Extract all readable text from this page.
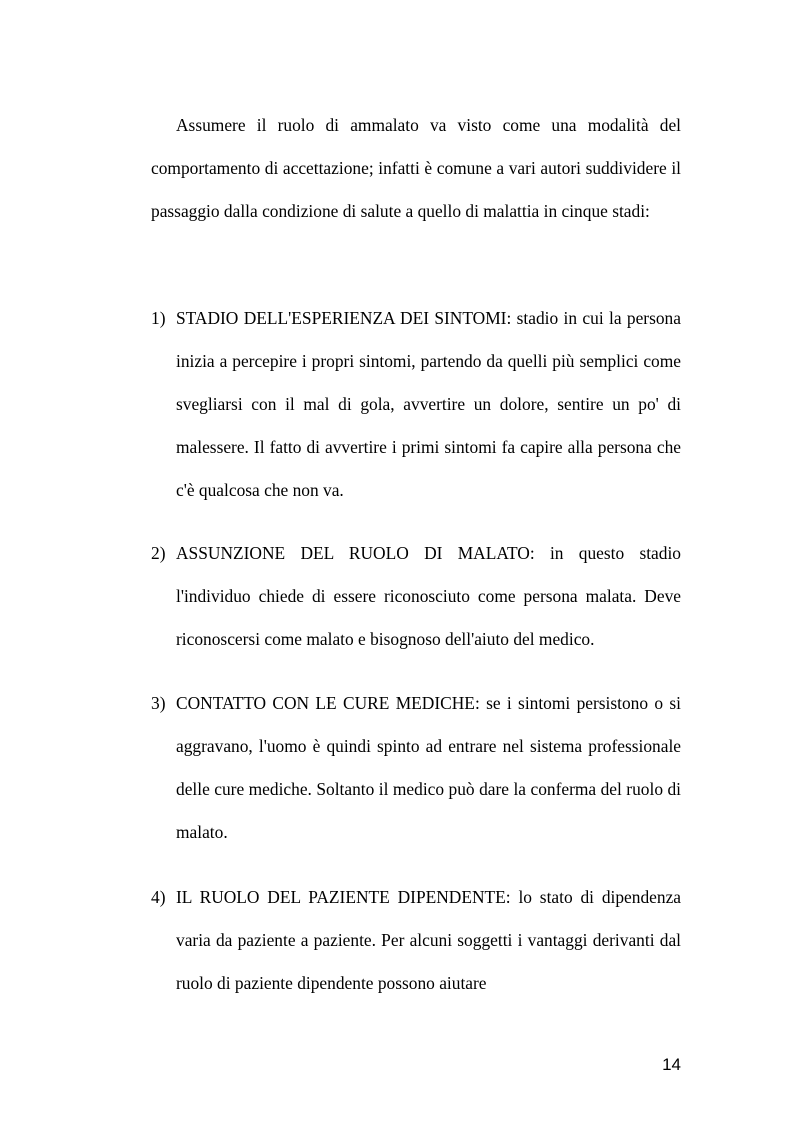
Assumere il ruolo di ammalato va visto come una modalità del comportamento di accettazione; infatti è comune a vari autori suddividere il passaggio dalla condizione di salute a quello di malattia in cinque stadi:

1) STADIO DELL'ESPERIENZA DEI SINTOMI: stadio in cui la persona inizia a percepire i propri sintomi, partendo da quelli più semplici come svegliarsi con il mal di gola, avvertire un dolore, sentire un po' di malessere. Il fatto di avvertire i primi sintomi fa capire alla persona che c'è qualcosa che non va.

2) ASSUNZIONE DEL RUOLO DI MALATO: in questo stadio l'individuo chiede di essere riconosciuto come persona malata. Deve riconoscersi come malato e bisognoso dell'aiuto del medico.

3) CONTATTO CON LE CURE MEDICHE: se i sintomi persistono o si aggravano, l'uomo è quindi spinto ad entrare nel sistema professionale delle cure mediche. Soltanto il medico può dare la conferma del ruolo di malato.

4) IL RUOLO DEL PAZIENTE DIPENDENTE: lo stato di dipendenza varia da paziente a paziente. Per alcuni soggetti i vantaggi derivanti dal ruolo di paziente dipendente possono aiutare

14
